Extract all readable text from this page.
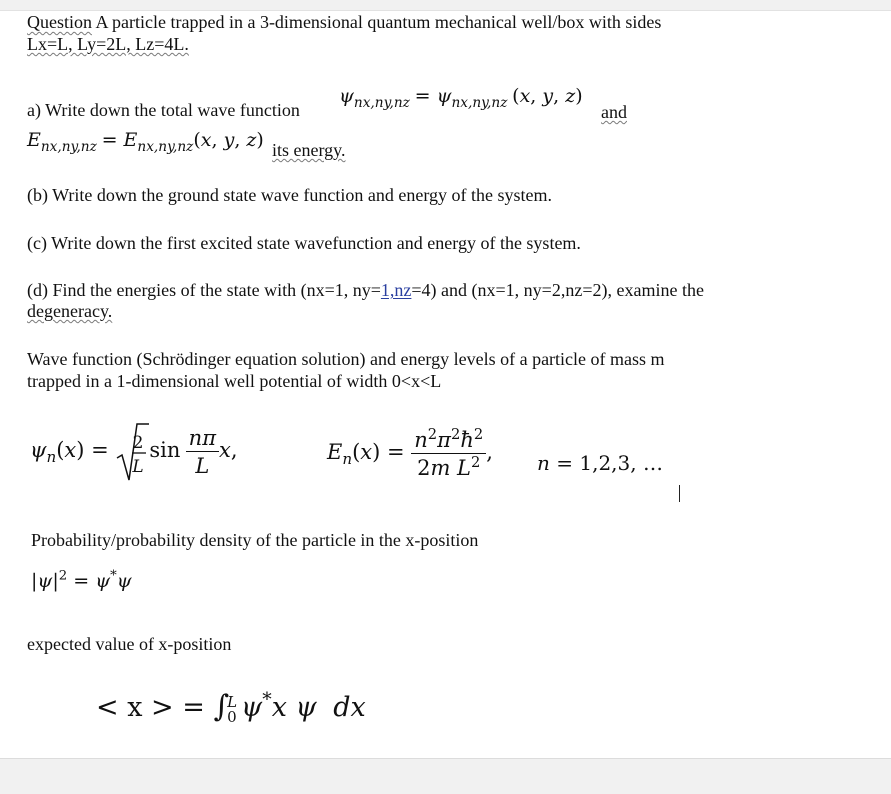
Question A particle trapped in a 3-dimensional quantum mechanical well/box with sides
Lx=L, Ly=2L, Lz=4L.
a) Write down the total wave function
$\psi_{nx,ny,nz} = \psi_{nx,ny,nz}$ (x, y, z)
and
$E_{nx,ny,nz} = E_{nx,ny,nz}(x$, y, z) its energy.
(b) Write down the ground state wave function and energy of the system.
(c) Write down the first excited state wavefunction and energy of the system.
(d) Find the energies of the state with (nx=1, ny=1,nz=4) and (nx=1, ny=2,nz=2), examine the
degeneracy.
Wave function (Schrödinger equation solution) and energy levels of a particle of mass m
trapped in a 1-dimensional well potential of width 0<x<L
$\psi_n(x) = 2$
L
$\sin \frac{n\pi}{L} x$,	$E_n(x) = \frac{n^2\pi^2ħ^2}{2m L^2}$ , n = 1,2,3, …
Probability/probability density of the particle in the x-position
$|\psi|^2 = \psi^*\psi$
expected value of x-position
< x > = ∫
L
0 ψ*x ψ dx
